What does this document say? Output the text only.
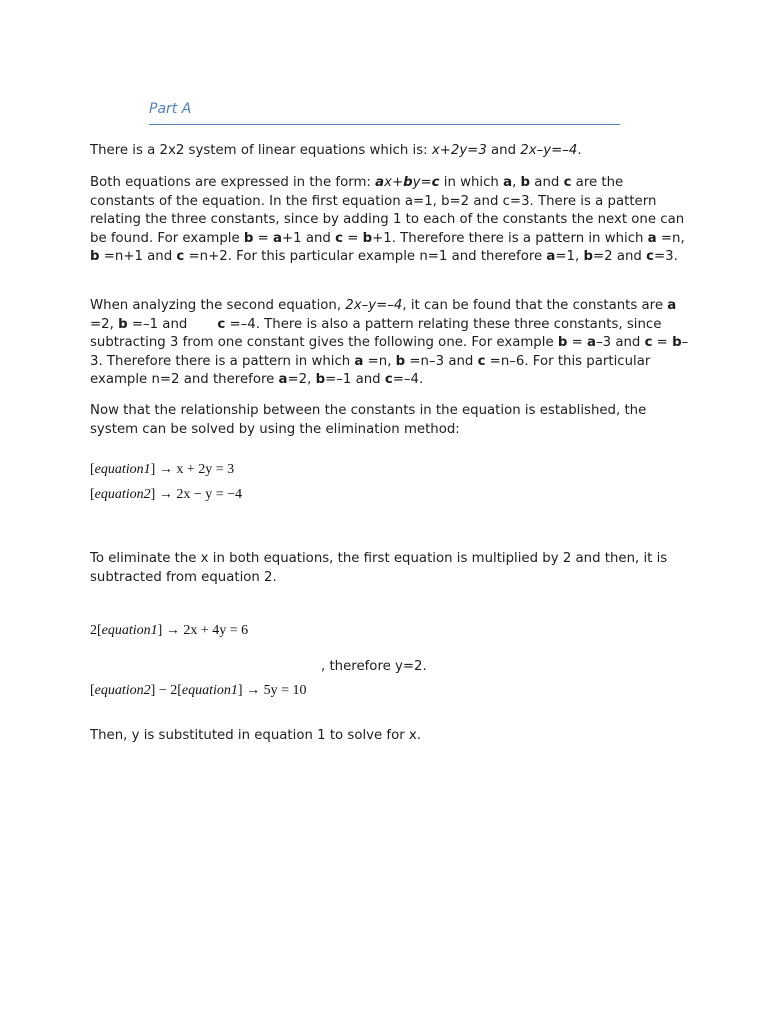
Part A

There is a 2x2 system of linear equations which is: x+2y=3 and 2x–y=–4.

Both equations are expressed in the form: ax+by=c in which a, b and c are the constants of the equation. In the first equation a=1, b=2 and c=3. There is a pattern relating the three constants, since by adding 1 to each of the constants the next one can be found. For example b = a+1 and c = b+1. Therefore there is a pattern in which a =n, b =n+1 and c =n+2. For this particular example n=1 and therefore a=1, b=2 and c=3.

When analyzing the second equation, 2x–y=–4, it can be found that the constants are a =2, b =–1 and c =–4. There is also a pattern relating these three constants, since subtracting 3 from one constant gives the following one. For example b = a–3 and c = b–3. Therefore there is a pattern in which a =n, b =n–3 and c =n–6. For this particular example n=2 and therefore a=2, b=–1 and c=–4.

Now that the relationship between the constants in the equation is established, the system can be solved by using the elimination method:

[equation1] → x + 2y = 3
[equation2] → 2x − y = −4

To eliminate the x in both equations, the first equation is multiplied by 2 and then, it is subtracted from equation 2.

2[equation1] → 2x + 4y = 6
, therefore y=2.
[equation2] − 2[equation1] → 5y = 10

Then, y is substituted in equation 1 to solve for x.
